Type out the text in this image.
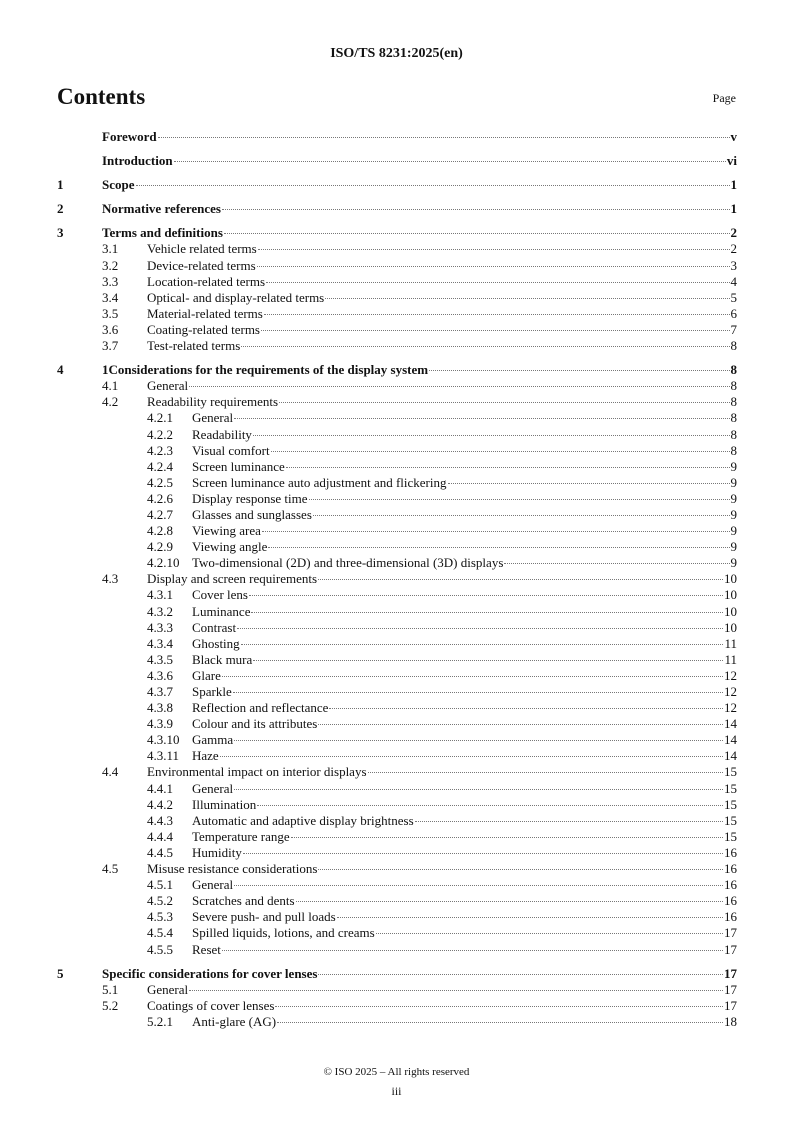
ISO/TS 8231:2025(en)
Contents	Page
Foreword	v
Introduction	vi
1	Scope	1
2	Normative references	1
3	Terms and definitions	2
3.1	Vehicle related terms	2
3.2	Device-related terms	3
3.3	Location-related terms	4
3.4	Optical- and display-related terms	5
3.5	Material-related terms	6
3.6	Coating-related terms	7
3.7	Test-related terms	8
4	1Considerations for the requirements of the display system	8
4.1	General	8
4.2	Readability requirements	8
4.2.1	General	8
4.2.2	Readability	8
4.2.3	Visual comfort	8
4.2.4	Screen luminance	9
4.2.5	Screen luminance auto adjustment and flickering	9
4.2.6	Display response time	9
4.2.7	Glasses and sunglasses	9
4.2.8	Viewing area	9
4.2.9	Viewing angle	9
4.2.10 Two-dimensional (2D) and three-dimensional (3D) displays	9
4.3	Display and screen requirements	10
4.3.1	Cover lens	10
4.3.2	Luminance	10
4.3.3	Contrast	10
4.3.4	Ghosting	11
4.3.5	Black mura	11
4.3.6	Glare	12
4.3.7	Sparkle	12
4.3.8	Reflection and reflectance	12
4.3.9	Colour and its attributes	14
4.3.10 Gamma	14
4.3.11 Haze	14
4.4	Environmental impact on interior displays	15
4.4.1	General	15
4.4.2	Illumination	15
4.4.3	Automatic and adaptive display brightness	15
4.4.4	Temperature range	15
4.4.5	Humidity	16
4.5	Misuse resistance considerations	16
4.5.1	General	16
4.5.2	Scratches and dents	16
4.5.3	Severe push- and pull loads	16
4.5.4	Spilled liquids, lotions, and creams	17
4.5.5	Reset	17
5	Specific considerations for cover lenses	17
5.1	General	17
5.2	Coatings of cover lenses	17
5.2.1	Anti-glare (AG)	18
© ISO 2025 – All rights reserved
iii
